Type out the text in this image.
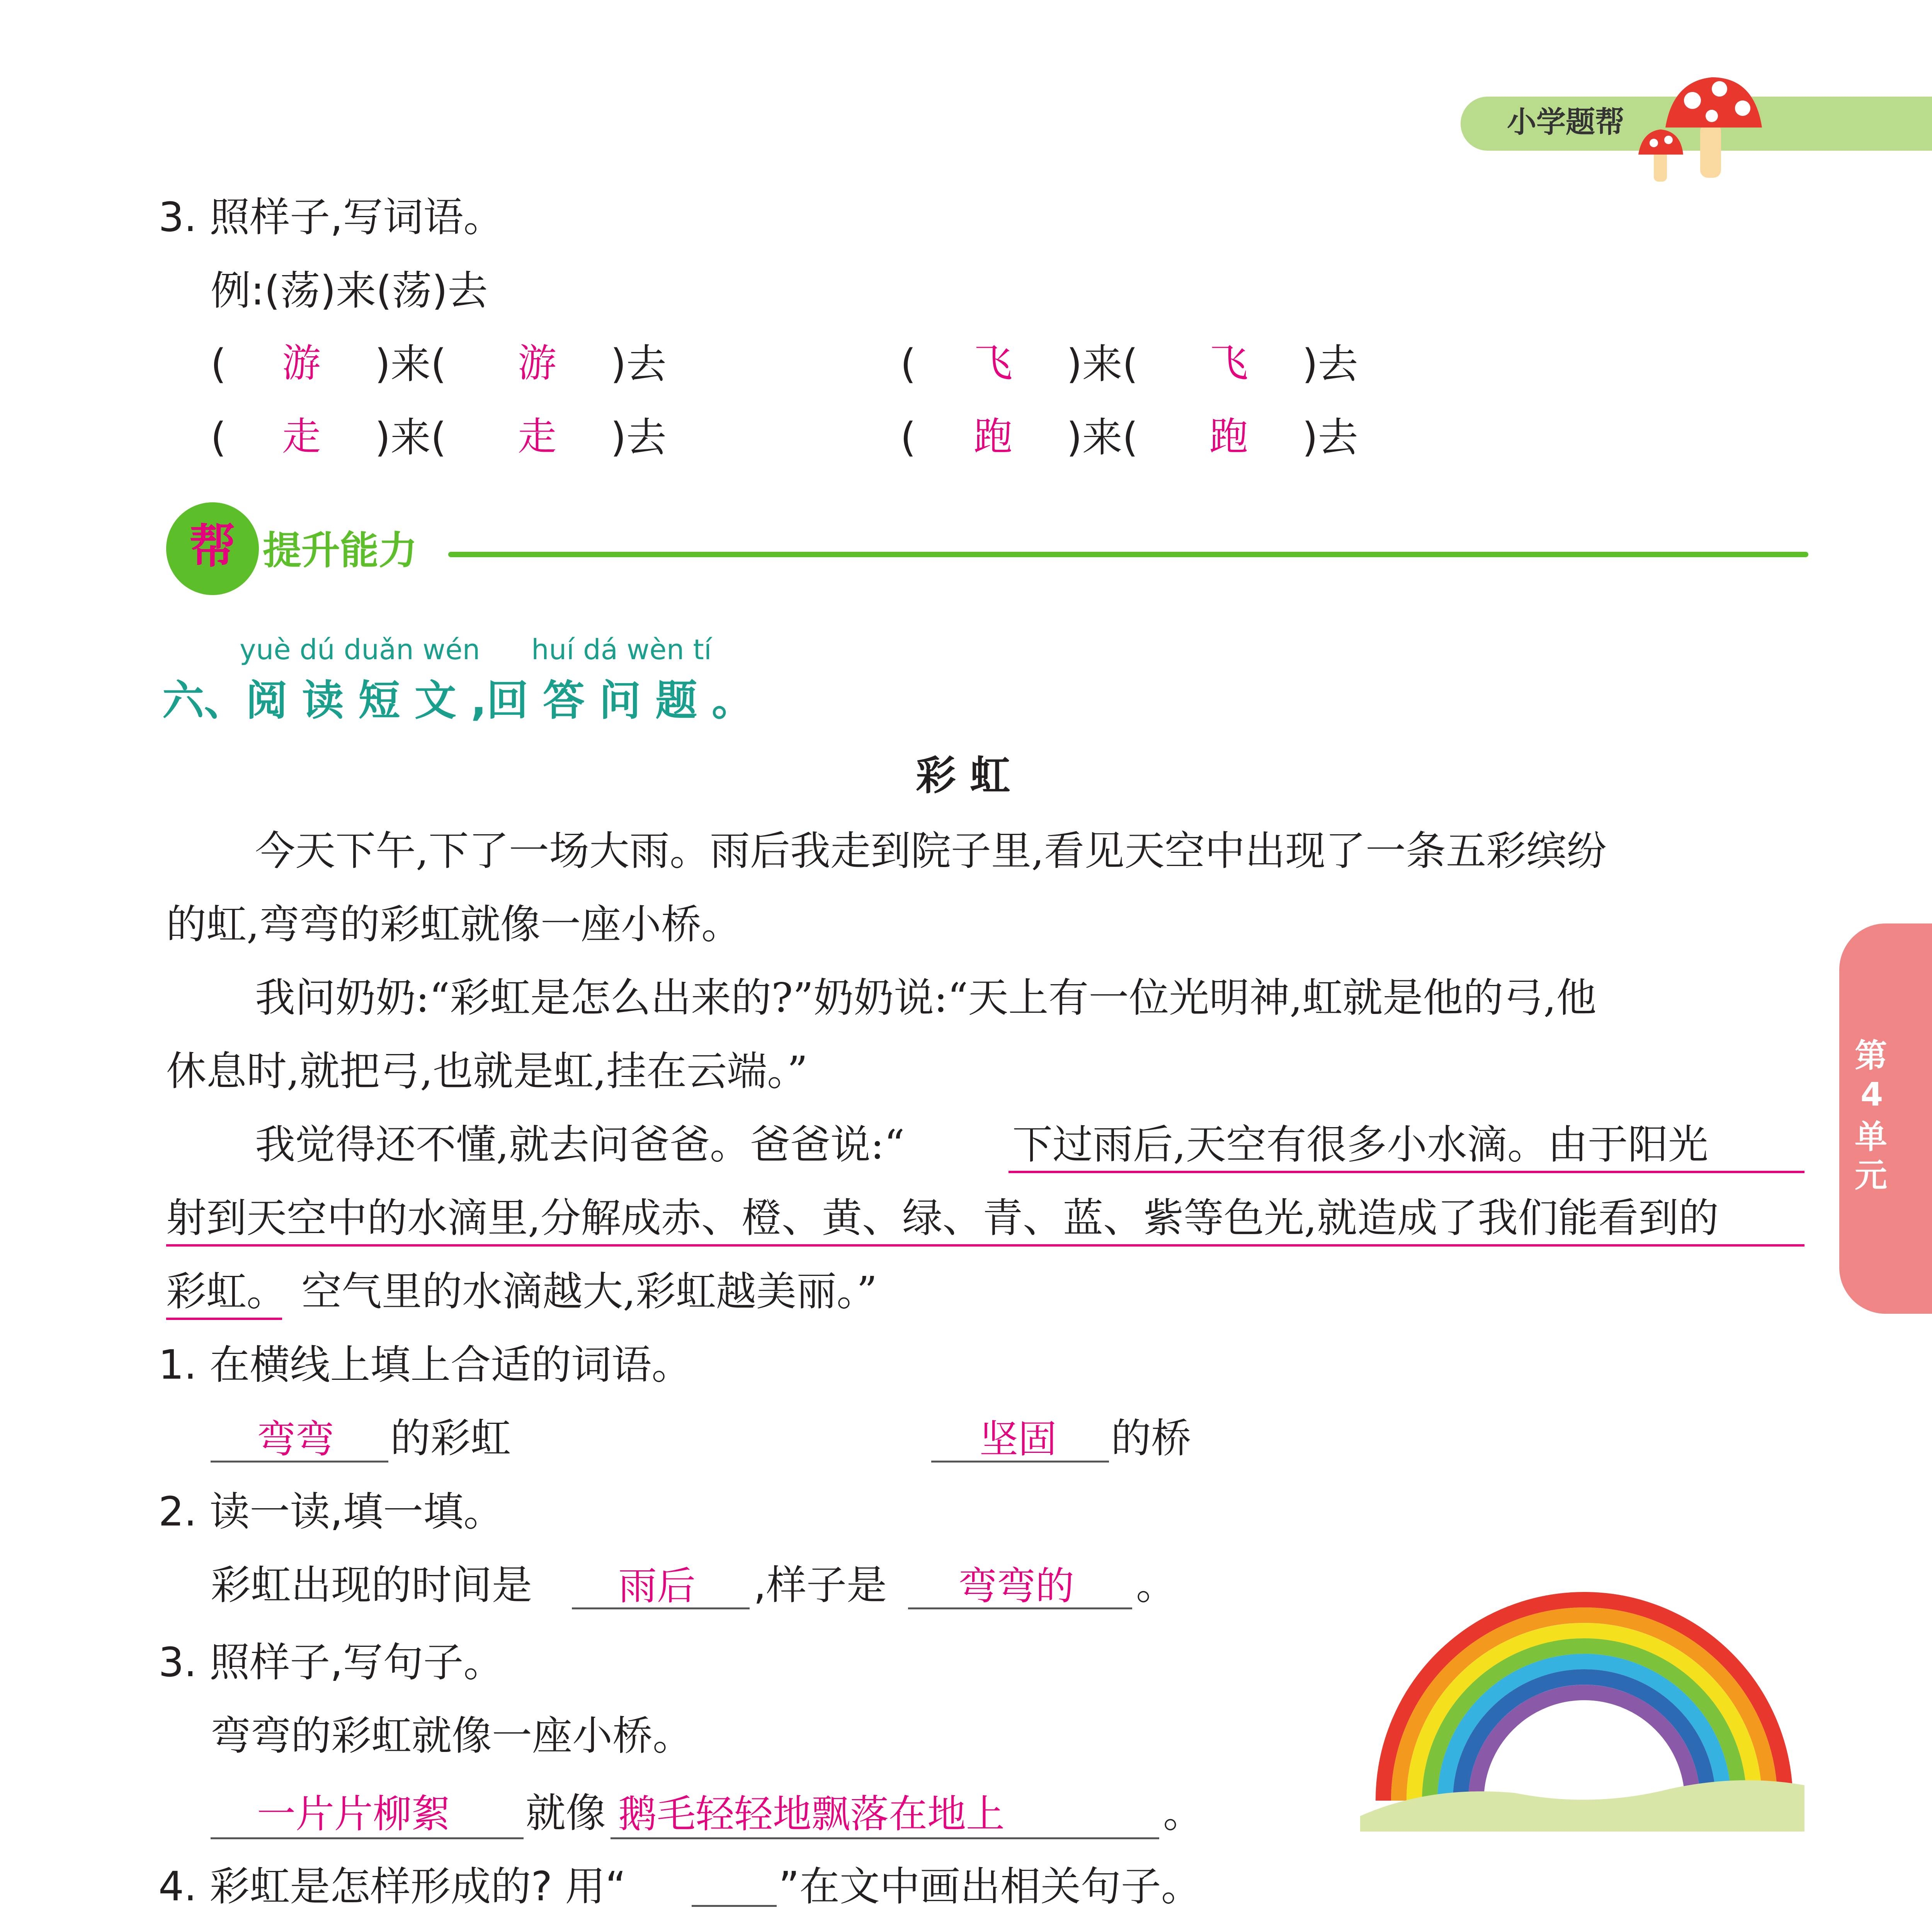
小学题帮
第
4
单
元
3. 照样子,写词语。
例:(荡)来(荡)去
( 游 )来( 游 )去	( 飞 )来( 飞 )去
( 走 )来( 走 )去	( 跑 )来( 跑 )去
帮 提升能力
yuè dú duǎn wén huí dá wèn tí
六、阅 读 短 文 ,回 答 问 题 。
彩 虹
今天下午,下了一场大雨。雨后我走到院子里,看见天空中出现了一条五彩缤纷
的虹,弯弯的彩虹就像一座小桥。
我问奶奶:“彩虹是怎么出来的?”奶奶说:“天上有一位光明神,虹就是他的弓,他
休息时,就把弓,也就是虹,挂在云端。”
我觉得还不懂,就去问爸爸。爸爸说:“	下过雨后,天空有很多小水滴。由于阳光
射到天空中的水滴里,分解成赤、橙、黄、绿、青、蓝、紫等色光,就造成了我们能看到的
彩虹。 空气里的水滴越大,彩虹越美丽。”
1. 在横线上填上合适的词语。
弯弯 的彩虹	坚固 的桥
2. 读一读,填一填。
彩虹出现的时间是 雨后 ,样子是 弯弯的 。
3. 照样子,写句子。
弯弯的彩虹就像一座小桥。
一片片柳絮 就像 鹅毛轻轻地飘落在地上	。
4. 彩虹是怎样形成的? 用“	”在文中画出相关句子。
